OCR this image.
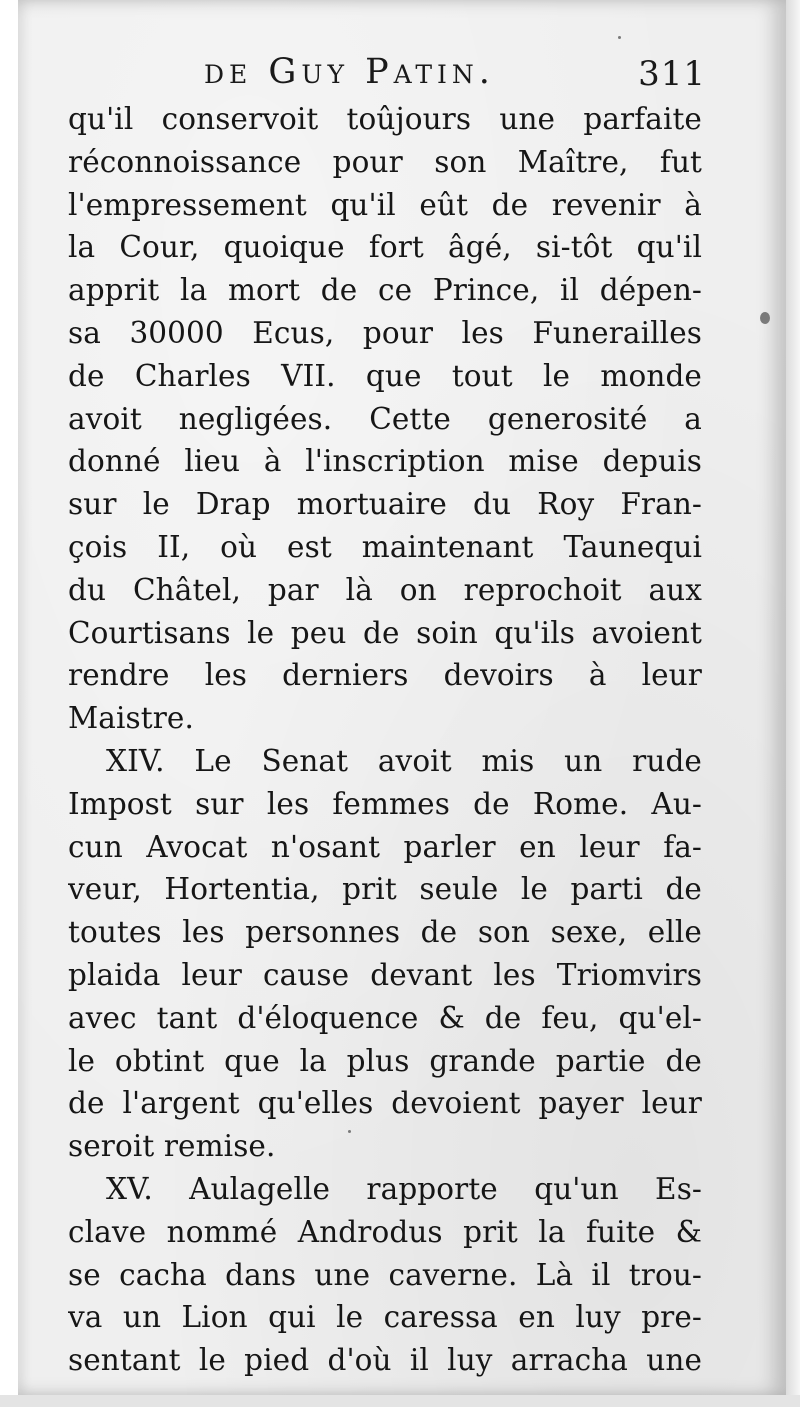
de Guy Patin.	311
qu'il conservoit toûjours une parfaite
réconnoissance pour son Maître, fut
l'empressement qu'il eût de revenir à
la Cour, quoique fort âgé, si-tôt qu'il
apprit la mort de ce Prince, il dépen-
sa 30000 Ecus, pour les Funerailles
de Charles VII. que tout le monde
avoit negligées. Cette generosité a
donné lieu à l'inscription mise depuis
sur le Drap mortuaire du Roy Fran-
çois II, où est maintenant Taunequi
du Châtel, par là on reprochoit aux
Courtisans le peu de soin qu'ils avoient
rendre les derniers devoirs à leur
Maistre.
XIV. Le Senat avoit mis un rude
Impost sur les femmes de Rome. Au-
cun Avocat n'osant parler en leur fa-
veur, Hortentia, prit seule le parti de
toutes les personnes de son sexe, elle
plaida leur cause devant les Triomvirs
avec tant d'éloquence & de feu, qu'el-
le obtint que la plus grande partie de
de l'argent qu'elles devoient payer leur
seroit remise.
XV. Aulagelle rapporte qu'un Es-
clave nommé Androdus prit la fuite &
se cacha dans une caverne. Là il trou-
va un Lion qui le caressa en luy pre-
sentant le pied d'où il luy arracha une
